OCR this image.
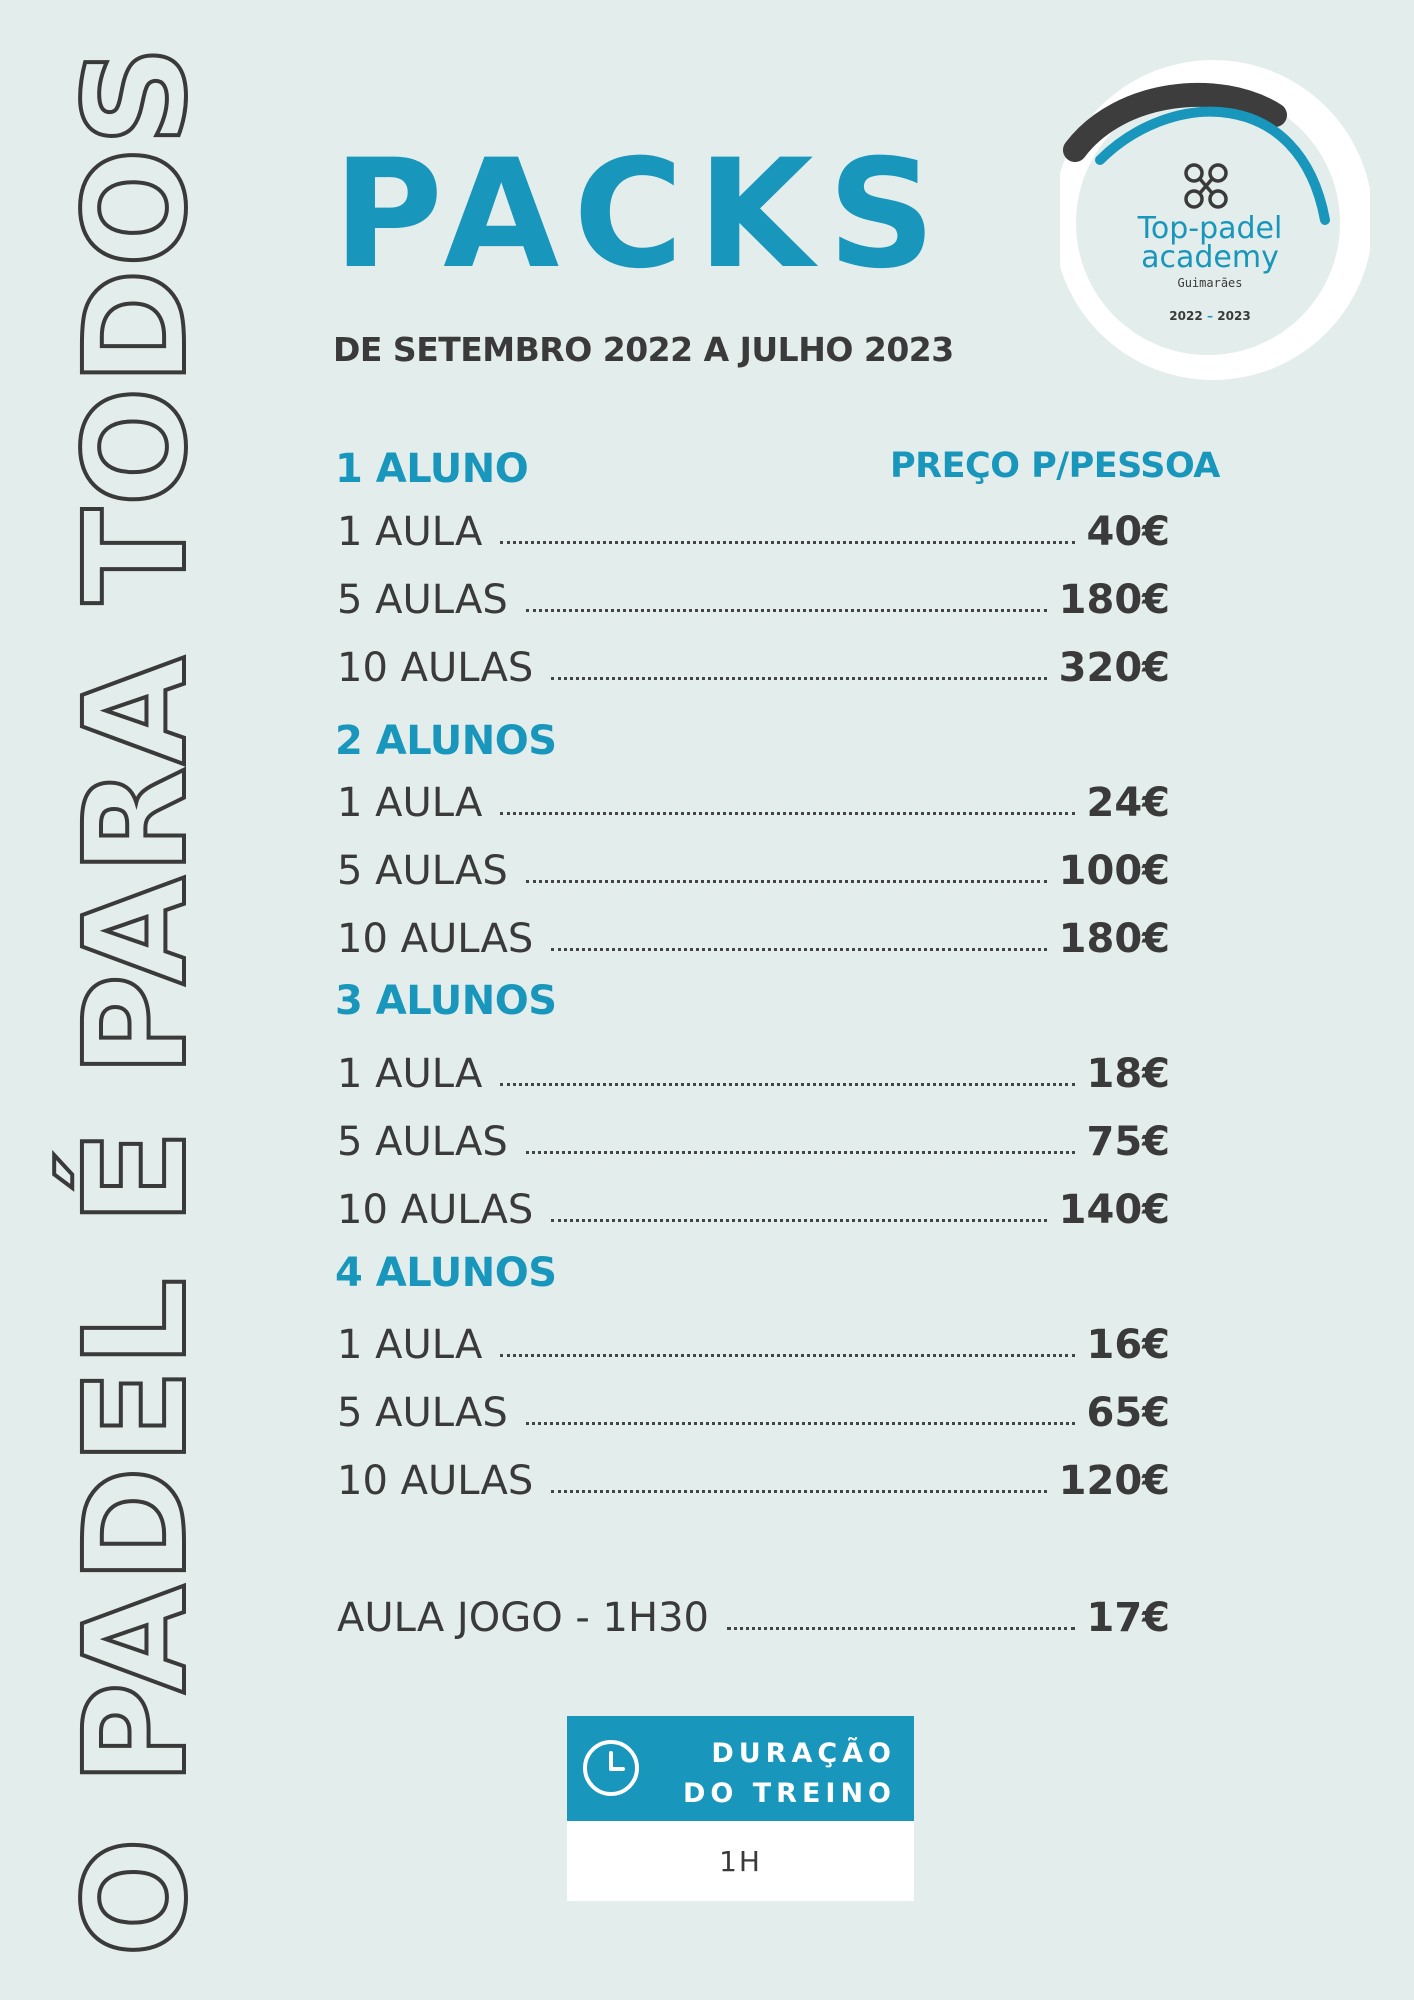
O PADEL É PARA TODOS PACKS
DE SETEMBRO 2022 A JULHO 2023
Top-padel
academy
Guimarães
2022 – 2023
PREÇO P/PESSOA
1 ALUNO
1 AULA	40€
5 AULAS	180€
10 AULAS	320€
2 ALUNOS
1 AULA	24€
5 AULAS	100€
10 AULAS	180€
3 ALUNOS
1 AULA	18€
5 AULAS	75€
10 AULAS	140€
4 ALUNOS
1 AULA	16€
5 AULAS	65€
10 AULAS	120€
AULA JOGO - 1H30	17€
DURAÇÃO
DO TREINO
1H
